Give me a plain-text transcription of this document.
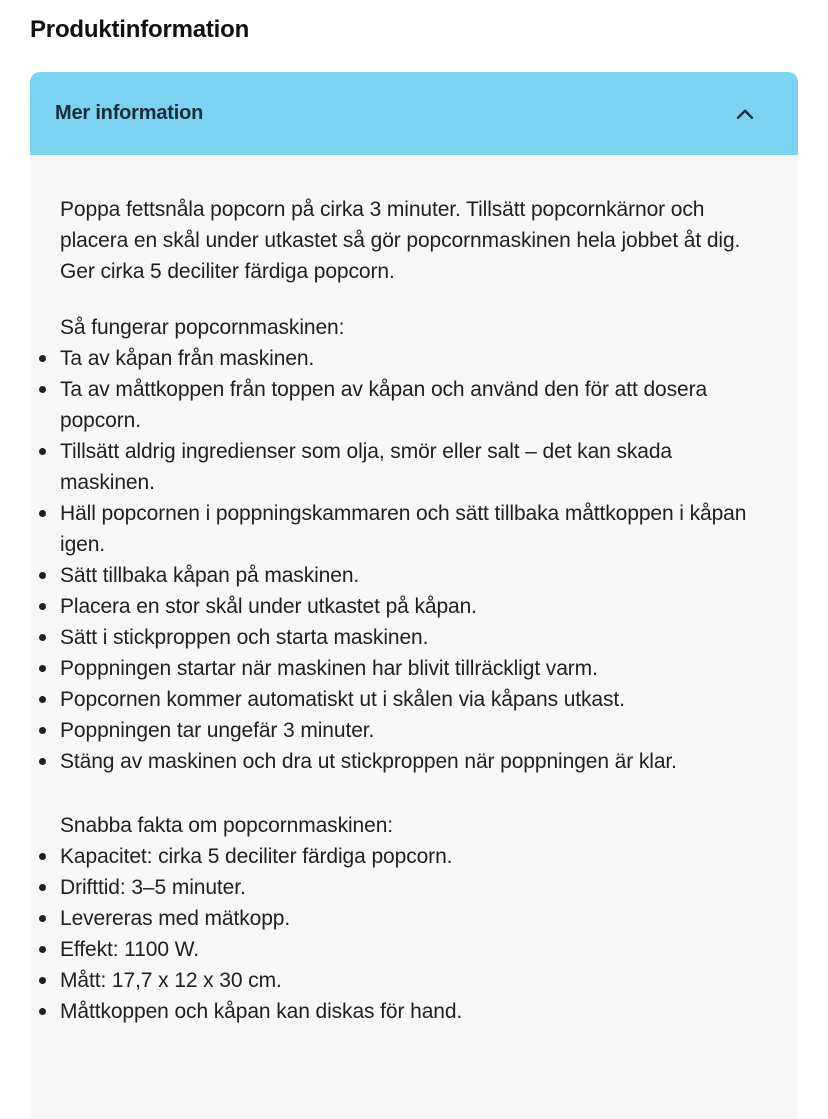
Produktinformation
Mer information

Poppa fettsnåla popcorn på cirka 3 minuter. Tillsätt popcornkärnor och placera en skål under utkastet så gör popcornmaskinen hela jobbet åt dig. Ger cirka 5 deciliter färdiga popcorn.

Så fungerar popcornmaskinen:

Ta av kåpan från maskinen.
Ta av måttkoppen från toppen av kåpan och använd den för att dosera popcorn.
Tillsätt aldrig ingredienser som olja, smör eller salt – det kan skada maskinen.
Häll popcornen i poppningskammaren och sätt tillbaka måttkoppen i kåpan igen.
Sätt tillbaka kåpan på maskinen.
Placera en stor skål under utkastet på kåpan.
Sätt i stickproppen och starta maskinen.
Poppningen startar när maskinen har blivit tillräckligt varm.
Popcornen kommer automatiskt ut i skålen via kåpans utkast.
Poppningen tar ungefär 3 minuter.
Stäng av maskinen och dra ut stickproppen när poppningen är klar.

Snabba fakta om popcornmaskinen:

Kapacitet: cirka 5 deciliter färdiga popcorn.
Drifttid: 3–5 minuter.
Levereras med mätkopp.
Effekt: 1100 W.
Mått: 17,7 x 12 x 30 cm.
Måttkoppen och kåpan kan diskas för hand.
